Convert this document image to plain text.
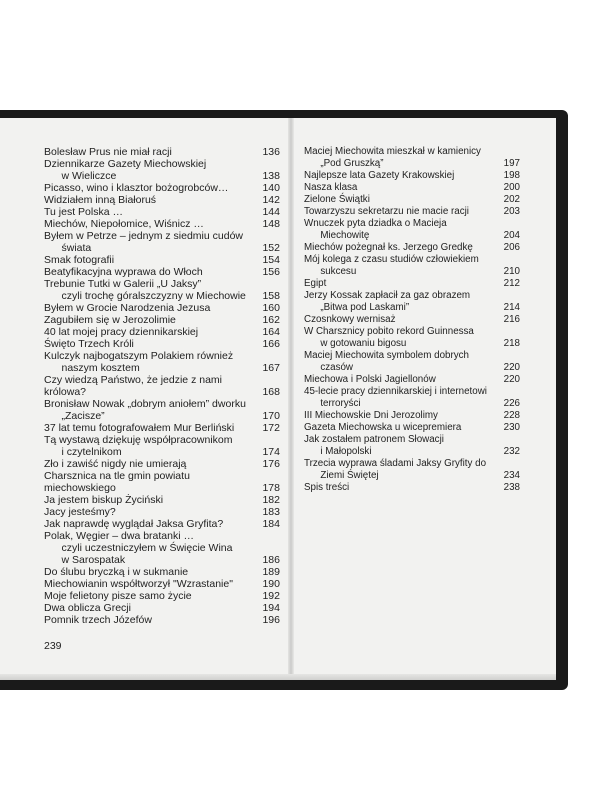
Bolesław Prus nie miał racji	136
Dziennikarze Gazety Miechowskiej
w Wieliczce	138
Picasso, wino i klasztor bożogrobców…	140
Widziałem inną Białoruś	142
Tu jest Polska …	144
Miechów, Niepołomice, Wiśnicz …	148
Byłem w Petrze – jednym z siedmiu cudów
świata	152
Smak fotografii	154
Beatyfikacyjna wyprawa do Włoch	156
Trebunie Tutki w Galerii „U Jaksy”
czyli trochę góralszczyzny w Miechowie	158
Byłem w Grocie Narodzenia Jezusa	160
Zagubiłem się w Jerozolimie	162
40 lat mojej pracy dziennikarskiej	164
Święto Trzech Króli	166
Kulczyk najbogatszym Polakiem również
naszym kosztem	167
Czy wiedzą Państwo, że jedzie z nami
królowa?	168
Bronisław Nowak „dobrym aniołem” dworku
„Zacisze”	170
37 lat temu fotografowałem Mur Berliński	172
Tą wystawą dziękuję współpracownikom
i czytelnikom	174
Zło i zawiść nigdy nie umierają	176
Charsznica na tle gmin powiatu
miechowskiego	178
Ja jestem biskup Życiński	182
Jacy jesteśmy?	183
Jak naprawdę wyglądał Jaksa Gryfita?	184
Polak, Węgier – dwa bratanki …
czyli uczestniczyłem w Święcie Wina
w Sarospatak	186
Do ślubu bryczką i w sukmanie	189
Miechowianin współtworzył "Wzrastanie"	190
Moje felietony pisze samo życie	192
Dwa oblicza Grecji	194
Pomnik trzech Józefów	196
Maciej Miechowita mieszkał w kamienicy
„Pod Gruszką”	197
Najlepsze lata Gazety Krakowskiej	198
Nasza klasa	200
Zielone Świątki	202
Towarzyszu sekretarzu nie macie racji	203
Wnuczek pyta dziadka o Macieja
Miechowitę	204
Miechów pożegnał ks. Jerzego Gredkę	206
Mój kolega z czasu studiów człowiekiem
sukcesu	210
Egipt	212
Jerzy Kossak zapłacił za gaz obrazem
„Bitwa pod Laskami”	214
Czosnkowy wernisaż	216
W Charsznicy pobito rekord Guinnessa
w gotowaniu bigosu	218
Maciej Miechowita symbolem dobrych
czasów	220
Miechowa i Polski Jagiellonów	220
45-lecie pracy dziennikarskiej i internetowi
terroryści	226
III Miechowskie Dni Jerozolimy	228
Gazeta Miechowska u wicepremiera	230
Jak zostałem patronem Słowacji
i Małopolski	232
Trzecia wyprawa śladami Jaksy Gryfity do
Ziemi Świętej	234
Spis treści	238
239
